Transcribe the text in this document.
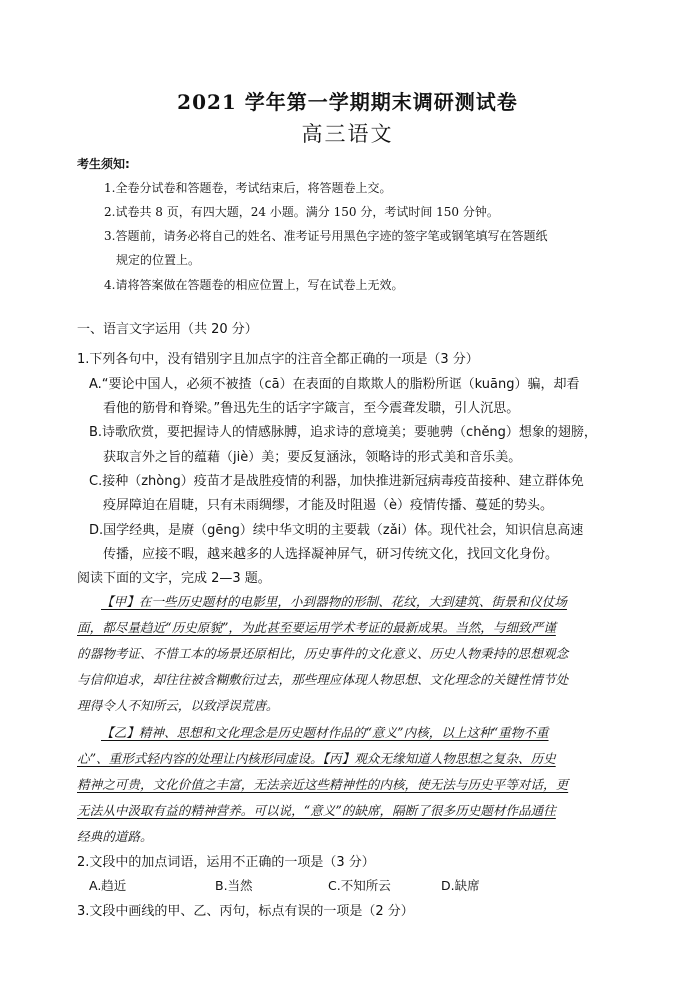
2021 学年第一学期期末调研测试卷
高三语文
考生须知:
1.全卷分试卷和答题卷，考试结束后，将答题卷上交。
2.试卷共 8 页，有四大题，24 小题。满分 150 分，考试时间 150 分钟。
3.答题前，请务必将自己的姓名、准考证号用黑色字迹的签字笔或钢笔填写在答题纸
规定的位置上。
4.请将答案做在答题卷的相应位置上，写在试卷上无效。
一、语言文字运用（共 20 分）
1.下列各句中，没有错别字且加点字的注音全都正确的一项是（3 分）
A.“要论中国人，必须不被揸（cā）在表面的自欺欺人的脂粉所诓（kuāng）骗，却看
看他的筋骨和脊梁。”鲁迅先生的话字字箴言，至今震聋发聩，引人沉思。
B.诗歌欣赏，要把握诗人的情感脉膊，追求诗的意境美；要驰骋（chěng）想象的翅膀，
获取言外之旨的蕴藉（jiè）美；要反复涵泳，领略诗的形式美和音乐美。
C.接种（zhòng）疫苗才是战胜疫情的利器，加快推进新冠病毒疫苗接种、建立群体免
疫屏障迫在眉睫，只有未雨绸缪，才能及时阻遏（è）疫情传播、蔓延的势头。
D.国学经典，是赓（gēng）续中华文明的主要载（zǎi）体。现代社会，知识信息高速
传播，应接不暇，越来越多的人选择凝神屏气，研习传统文化，找回文化身份。
阅读下面的文字，完成 2—3 题。
【甲】在一些历史题材的电影里，小到器物的形制、花纹，大到建筑、街景和仪仗场
面，都尽量趋近“历史原貌”，为此甚至要运用学术考证的最新成果。当然，与细致严谨
的器物考证、不惜工本的场景还原相比，历史事件的文化意义、历史人物秉持的思想观念
与信仰追求，却往往被含糊敷衍过去，那些理应体现人物思想、文化理念的关键性情节处
理得令人不知所云，以致浮误荒唐。
【乙】精神、思想和文化理念是历史题材作品的“意义”内核，以上这种“重物不重
心”、重形式轻内容的处理让内核形同虚设。【丙】观众无缘知道人物思想之复杂、历史
精神之可贵，文化价值之丰富，无法亲近这些精神性的内核，使无法与历史平等对话，更
无法从中汲取有益的精神营养。可以说，“意义”的缺席，隔断了很多历史题材作品通往
经典的道路。
2.文段中的加点词语，运用不正确的一项是（3 分）
A.趋近	B.当然	C.不知所云	D.缺席
3.文段中画线的甲、乙、丙句，标点有误的一项是（2 分）
